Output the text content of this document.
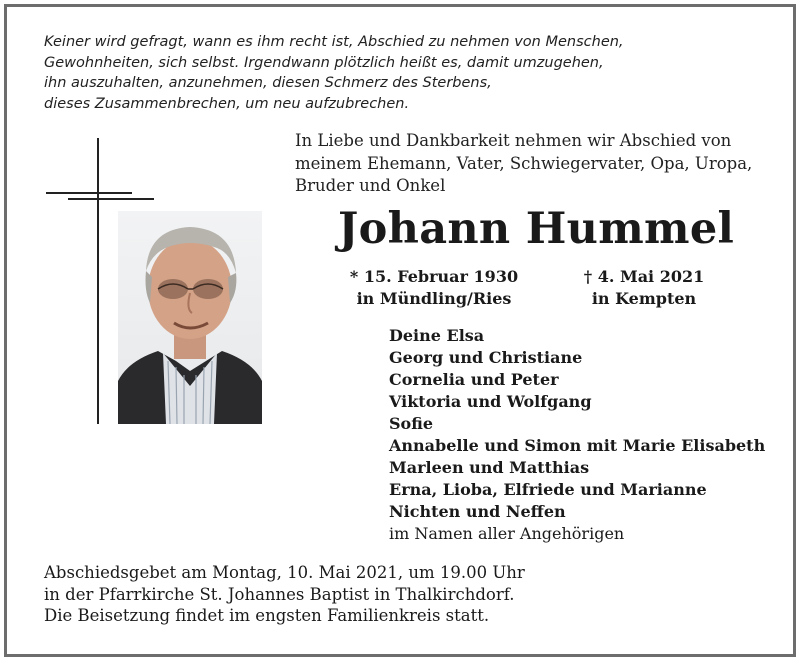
Keiner wird gefragt, wann es ihm recht ist, Abschied zu nehmen von Menschen,
Gewohnheiten, sich selbst. Irgendwann plötzlich heißt es, damit umzugehen,
ihn auszuhalten, anzunehmen, diesen Schmerz des Sterbens,
dieses Zusammenbrechen, um neu aufzubrechen.
In Liebe und Dankbarkeit nehmen wir Abschied von
meinem Ehemann, Vater, Schwiegervater, Opa, Uropa,
Bruder und Onkel
Johann Hummel
* 15. Februar 1930
in Mündling/Ries
† 4. Mai 2021
in Kempten
Deine Elsa
Georg und Christiane
Cornelia und Peter
Viktoria und Wolfgang
Sofie
Annabelle und Simon mit Marie Elisabeth
Marleen und Matthias
Erna, Lioba, Elfriede und Marianne
Nichten und Neffen
im Namen aller Angehörigen
Abschiedsgebet am Montag, 10. Mai 2021, um 19.00 Uhr
in der Pfarrkirche St. Johannes Baptist in Thalkirchdorf.
Die Beisetzung findet im engsten Familienkreis statt.
